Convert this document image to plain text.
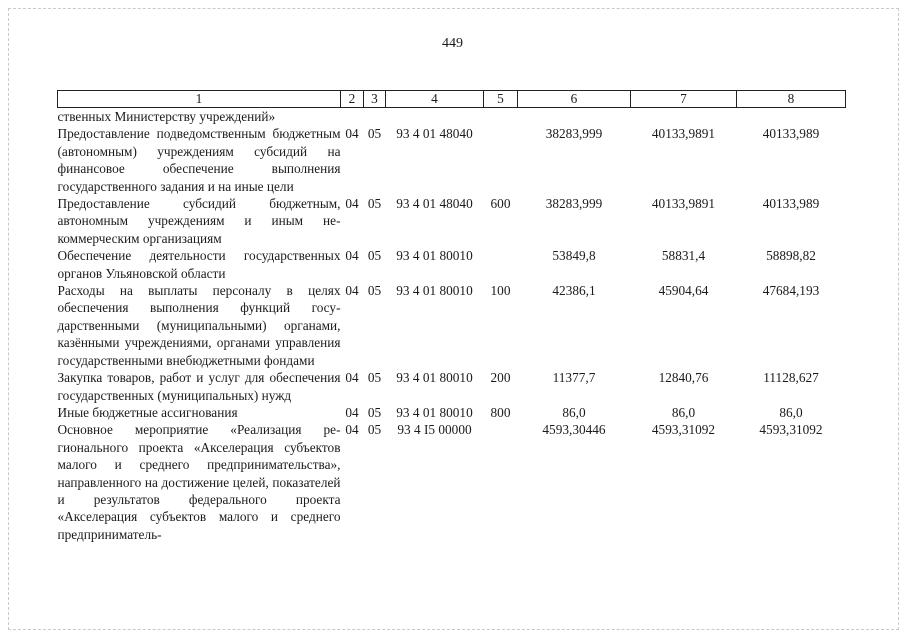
449
1	2	3	4	5	6	7	8
ственных Министерству учреждений»							
Предоставление подведомственным бюджетным (автономным) учреждениям субсидий на финансовое обеспечение выполнения государственного задания и на иные цели	04	05	93 4 01 48040		38283,999	40133,9891	40133,989
Предоставление субсидий бюджетным, автономным учреждениям и иным некоммерческим организациям	04	05	93 4 01 48040	600	38283,999	40133,9891	40133,989
Обеспечение деятельности государственных органов Ульяновской области	04	05	93 4 01 80010		53849,8	58831,4	58898,82
Расходы на выплаты персоналу в целях обеспечения выполнения функций государственными (муниципальными) органами, казёнными учреждениями, органами управления государственными внебюджетными фондами	04	05	93 4 01 80010	100	42386,1	45904,64	47684,193
Закупка товаров, работ и услуг для обеспечения государственных (муниципальных) нужд	04	05	93 4 01 80010	200	11377,7	12840,76	11128,627
Иные бюджетные ассигнования	04	05	93 4 01 80010	800	86,0	86,0	86,0
Основное мероприятие «Реализация регионального проекта «Акселерация субъектов малого и среднего предпринимательства», направленного на достижение целей, показателей и результатов федерального проекта «Акселерация субъектов малого и среднего предприниматель-	04	05	93 4 I5 00000		4593,30446	4593,31092	4593,31092
